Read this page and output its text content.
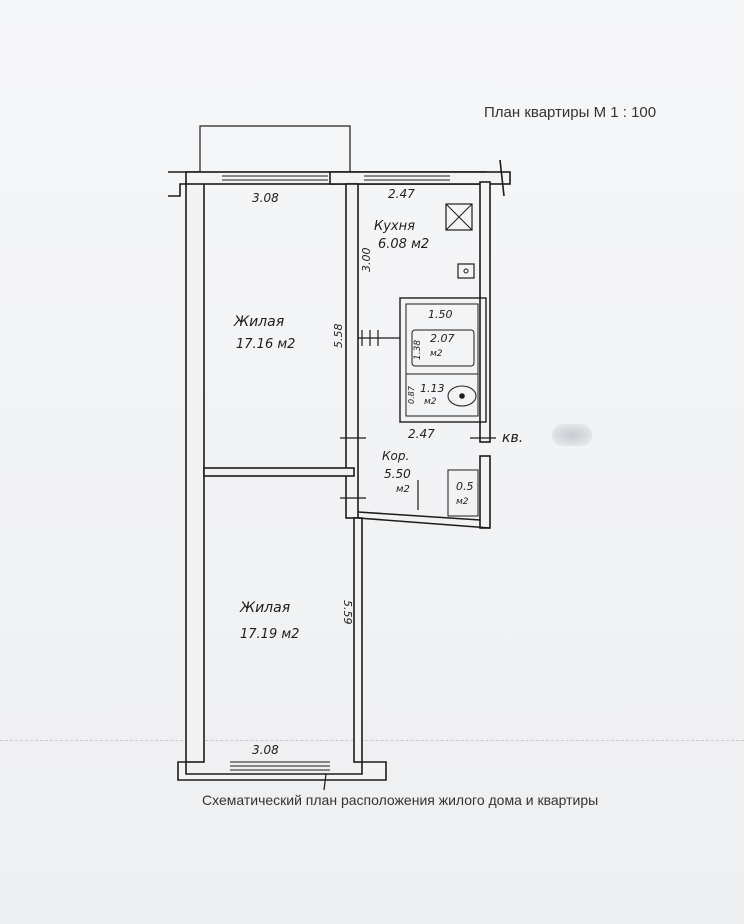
План квартиры М 1 : 100
3.08	2.47
Кухня
6.08 м2
3.00
Жилая
17.16 м2	5.58
1.50
2.07
м2
1.38
1.13
м2
0.87
2.47	кв.
Кор.
5.50
м2	0.5
м2
5.59
Жилая
17.19 м2
3.08
Схематический план расположения жилого дома и квартиры
